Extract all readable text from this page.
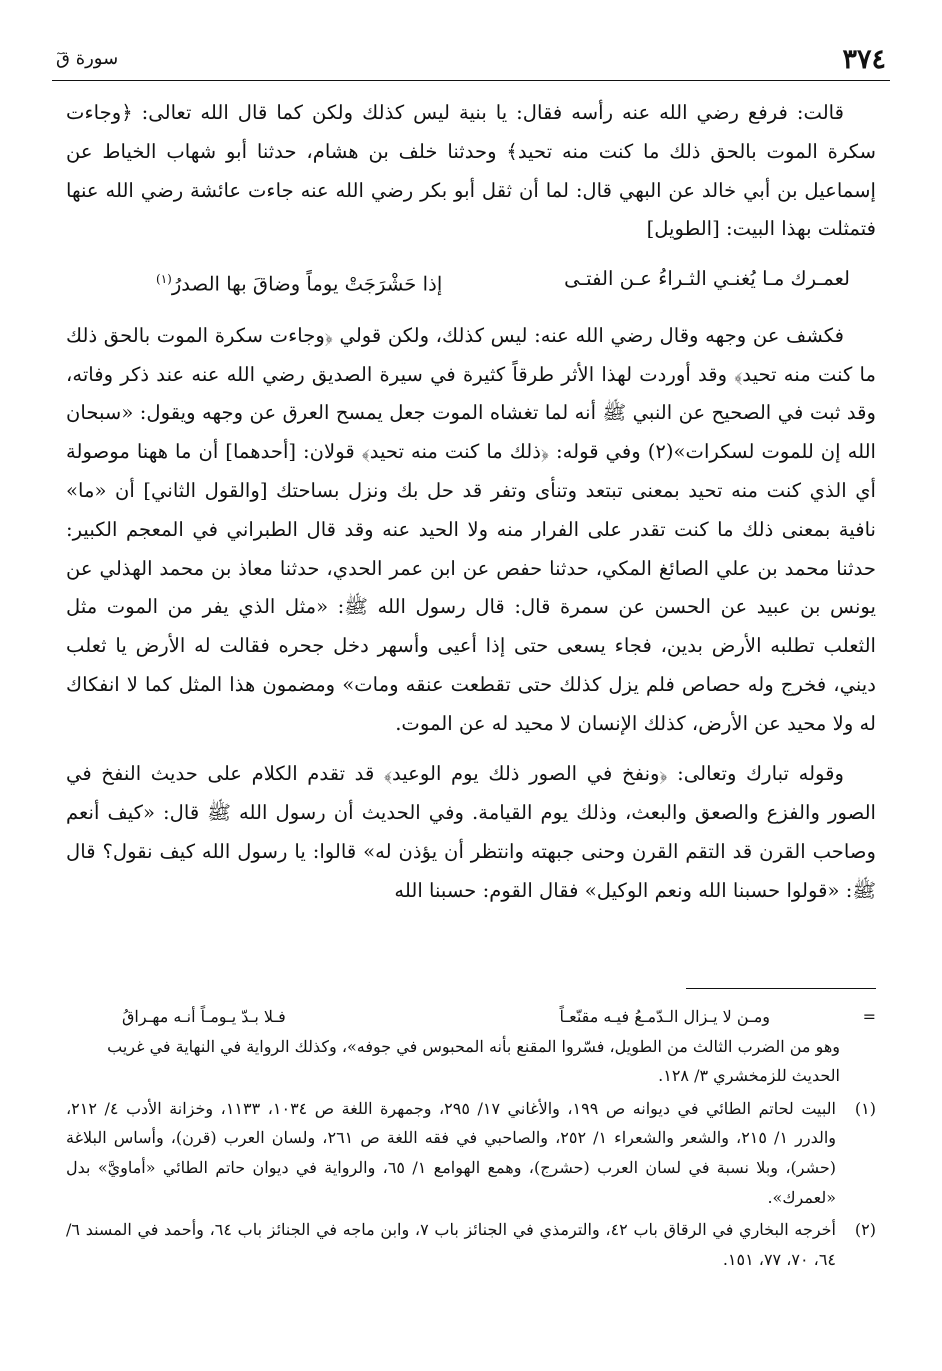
٣٧٤
سورة قٓ

قالت: فرفع رضي الله عنه رأسه فقال: يا بنية ليس كذلك ولكن كما قال الله تعالى: ﴿وجاءت سكرة الموت بالحق ذلك ما كنت منه تحيد﴾ وحدثنا خلف بن هشام، حدثنا أبو شهاب الخياط عن إسماعيل بن أبي خالد عن البهي قال: لما أن ثقل أبو بكر رضي الله عنه جاءت عائشة رضي الله عنها فتمثلت بهذا البيت: [الطويل]

لعمـرك مـا يُغنـي الثـراءُ عـن الفتـى
إذا حَشْرَجَتْ يوماً وضاقَ بها الصدرُ$^{(١)}$

فكشف عن وجهه وقال رضي الله عنه: ليس كذلك، ولكن قولي ﴿وجاءت سكرة الموت بالحق ذلك ما كنت منه تحيد﴾ وقد أوردت لهذا الأثر طرقاً كثيرة في سيرة الصديق رضي الله عنه عند ذكر وفاته، وقد ثبت في الصحيح عن النبي ﷺ أنه لما تغشاه الموت جعل يمسح العرق عن وجهه ويقول: «سبحان الله إن للموت لسكرات»(٢) وفي قوله: ﴿ذلك ما كنت منه تحيد﴾ قولان: [أحدهما] أن ما ههنا موصولة أي الذي كنت منه تحيد بمعنى تبتعد وتنأى وتفر قد حل بك ونزل بساحتك [والقول الثاني] أن «ما» نافية بمعنى ذلك ما كنت تقدر على الفرار منه ولا الحيد عنه وقد قال الطبراني في المعجم الكبير: حدثنا محمد بن علي الصائغ المكي، حدثنا حفص عن ابن عمر الحدي، حدثنا معاذ بن محمد الهذلي عن يونس بن عبيد عن الحسن عن سمرة قال: قال رسول الله ﷺ: «مثل الذي يفر من الموت مثل الثعلب تطلبه الأرض بدين، فجاء يسعى حتى إذا أعيى وأسهر دخل جحره فقالت له الأرض يا ثعلب ديني، فخرج وله حصاص فلم يزل كذلك حتى تقطعت عنقه ومات» ومضمون هذا المثل كما لا انفكاك له ولا محيد عن الأرض، كذلك الإنسان لا محيد له عن الموت.

وقوله تبارك وتعالى: ﴿ونفخ في الصور ذلك يوم الوعيد﴾ قد تقدم الكلام على حديث النفخ في الصور والفزع والصعق والبعث، وذلك يوم القيامة. وفي الحديث أن رسول الله ﷺ قال: «كيف أنعم وصاحب القرن قد التقم القرن وحنى جبهته وانتظر أن يؤذن له» قالوا: يا رسول الله كيف نقول؟ قال ﷺ: «قولوا حسبنا الله ونعم الوكيل» فقال القوم: حسبنا الله

=
ومـن لا يـزال الـدّمـعُ فيـه مقنّعـاً
فـلا بـدّ يـومـاً أنـه مهـراقُ
وهو من الضرب الثالث من الطويل، فسّروا المقنع بأنه المحبوس في جوفه»، وكذلك الرواية في النهاية في غريب الحديث للزمخشري ٣/ ١٢٨.
(١)
البيت لحاتم الطائي في ديوانه ص ١٩٩، والأغاني ١٧/ ٢٩٥، وجمهرة اللغة ص ١٠٣٤، ١١٣٣، وخزانة الأدب ٤/ ٢١٢، والدرر ١/ ٢١٥، والشعر والشعراء ١/ ٢٥٢، والصاحبي في فقه اللغة ص ٢٦١، ولسان العرب (قرن)، وأساس البلاغة (حشر)، وبلا نسبة في لسان العرب (حشرج)، وهمع الهوامع ١/ ٦٥، والرواية في ديوان حاتم الطائي «أماويَّ» بدل «لعمرك».
(٢)
أخرجه البخاري في الرقاق باب ٤٢، والترمذي في الجنائز باب ٧، وابن ماجه في الجنائز باب ٦٤، وأحمد في المسند ٦/ ٦٤، ٧٠، ٧٧، ١٥١.
